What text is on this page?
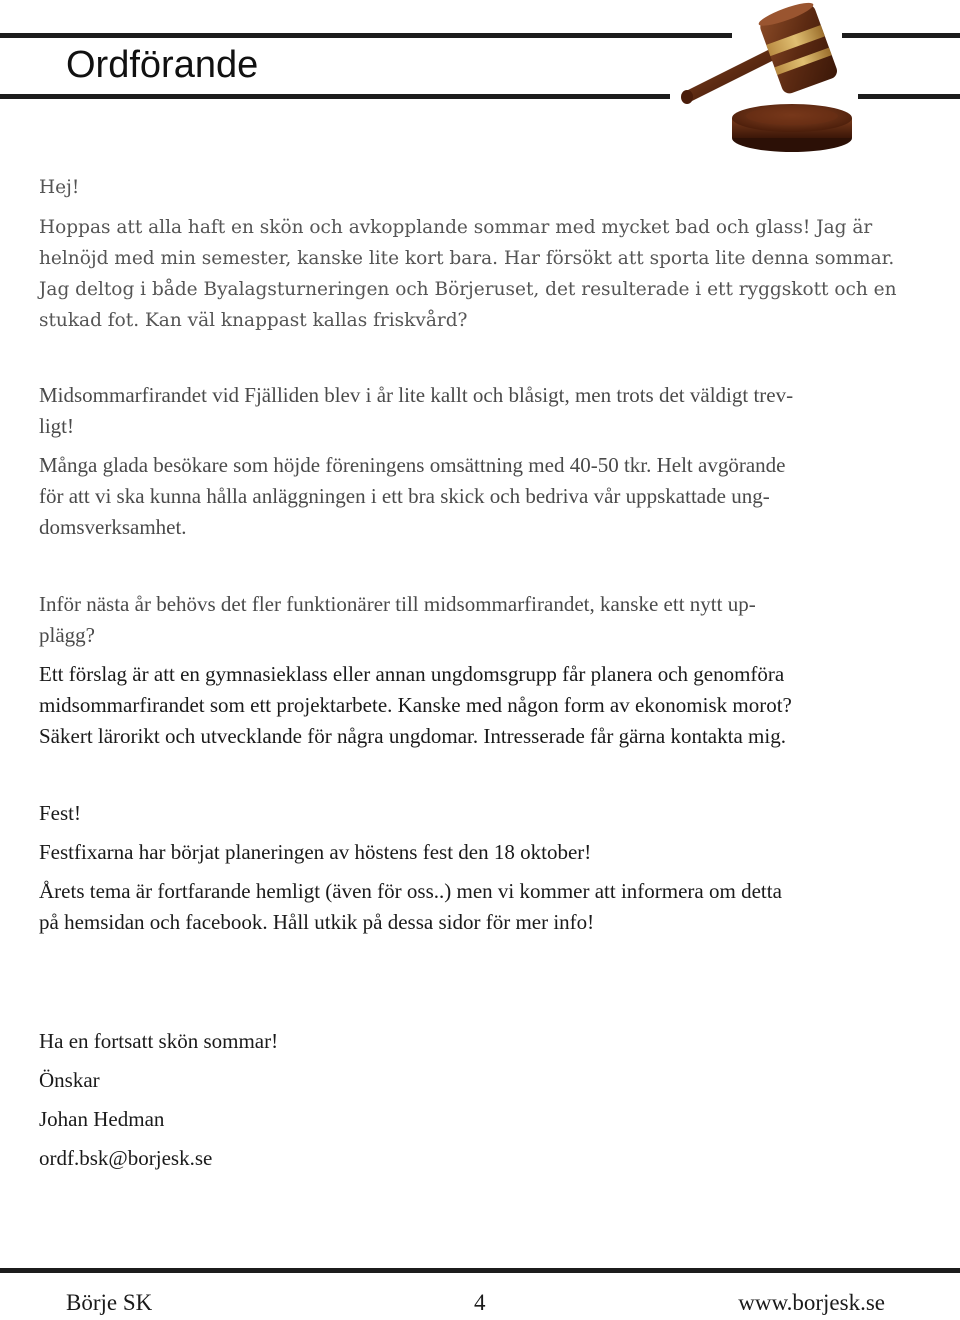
Ordförande

Hej!

Hoppas att alla haft en skön och avkopplande sommar med mycket bad och glass! Jag är

helnöjd med min semester, kanske lite kort bara. Har försökt att sporta lite denna sommar.

Jag deltog i både Byalagsturneringen och Börjeruset, det resulterade i ett ryggskott och en

stukad fot. Kan väl knappast kallas friskvård?

Midsommarfirandet vid Fjälliden blev i år lite kallt och blåsigt, men trots det väldigt trev-

ligt!

Många glada besökare som höjde föreningens omsättning med 40-50 tkr. Helt avgörande

för att vi ska kunna hålla anläggningen i ett bra skick och bedriva vår uppskattade ung-

domsverksamhet.

Inför nästa år behövs det fler funktionärer till midsommarfirandet, kanske ett nytt up-

plägg?

Ett förslag är att en gymnasieklass eller annan ungdomsgrupp får planera och genomföra

midsommarfirandet som ett projektarbete. Kanske med någon form av ekonomisk morot?

Säkert lärorikt och utvecklande för några ungdomar. Intresserade får gärna kontakta mig.

Fest!

Festfixarna har börjat planeringen av höstens fest den 18 oktober!

Årets tema är fortfarande hemligt (även för oss..) men vi kommer att informera om detta

på hemsidan och facebook. Håll utkik på dessa sidor för mer info!

Ha en fortsatt skön sommar!

Önskar

Johan Hedman

ordf.bsk@borjesk.se

Börje SK	4	www.borjesk.se
